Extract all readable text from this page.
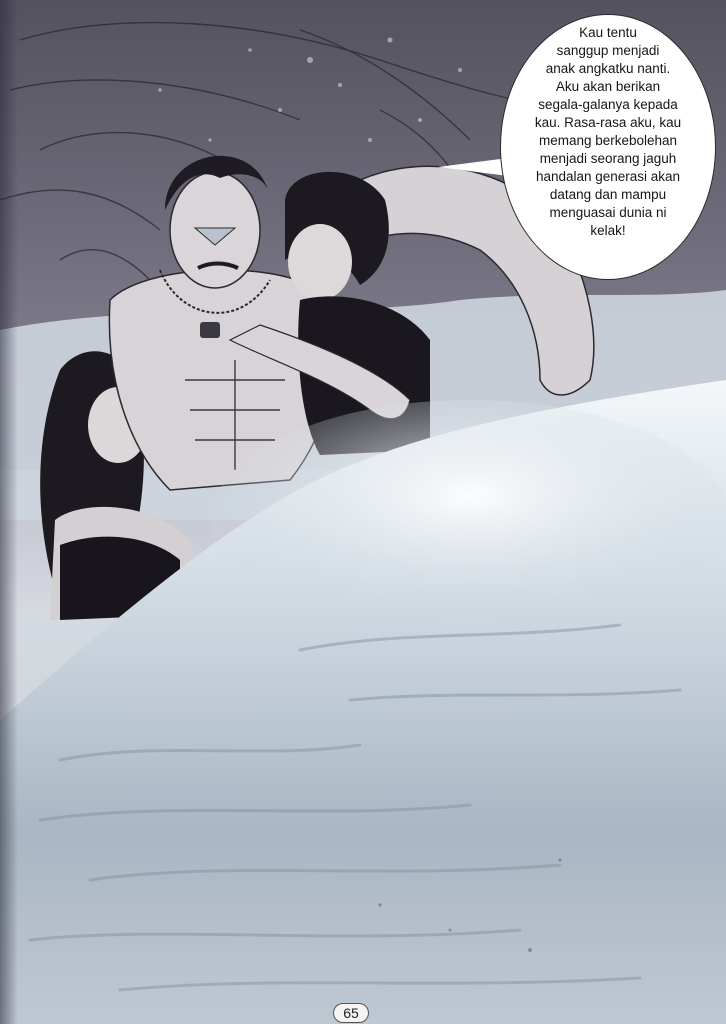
Kau tentu
sanggup menjadi
anak angkatku nanti.
Aku akan berikan
segala-galanya kepada
kau. Rasa-rasa aku, kau
memang berkebolehan
menjadi seorang jaguh
handalan generasi akan
datang dan mampu
menguasai dunia ni
kelak!
65
